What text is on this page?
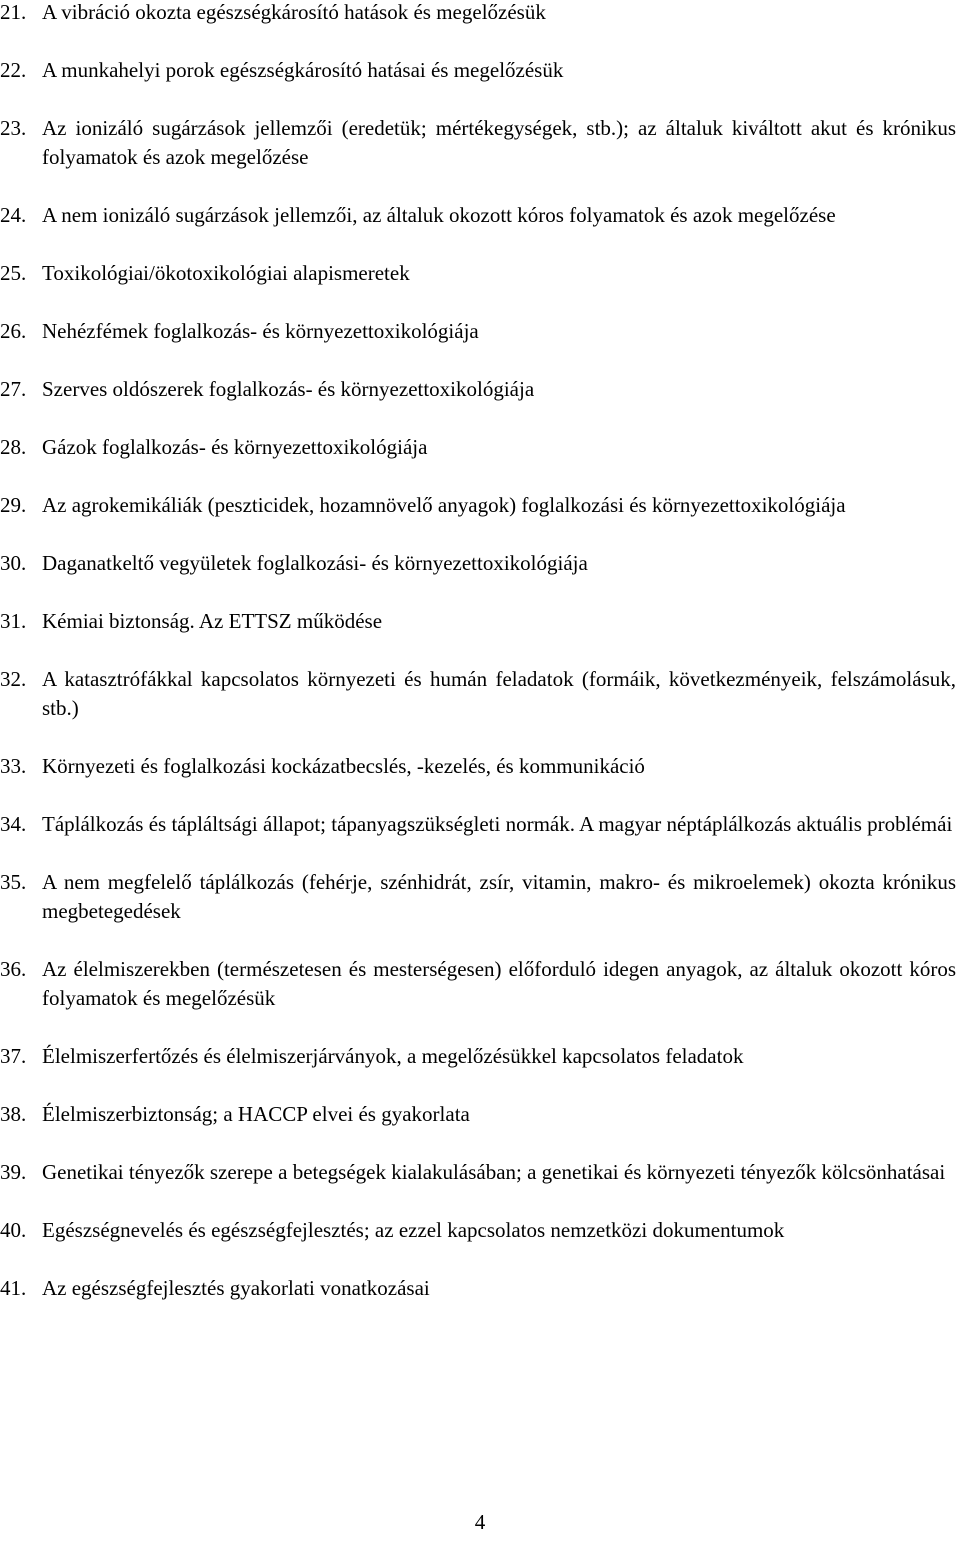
21. A vibráció okozta egészségkárosító hatások és megelőzésük
22. A munkahelyi porok egészségkárosító hatásai és megelőzésük
23. Az ionizáló sugárzások jellemzői (eredetük; mértékegységek, stb.); az általuk kiváltott akut és krónikus folyamatok és azok megelőzése
24. A nem ionizáló sugárzások jellemzői, az általuk okozott kóros folyamatok és azok megelőzése
25. Toxikológiai/ökotoxikológiai alapismeretek
26. Nehézfémek foglalkozás- és környezettoxikológiája
27. Szerves oldószerek foglalkozás- és környezettoxikológiája
28. Gázok foglalkozás- és környezettoxikológiája
29. Az agrokemikáliák (peszticidek, hozamnövelő anyagok) foglalkozási és környezettoxikológiája
30. Daganatkeltő vegyületek foglalkozási- és környezettoxikológiája
31. Kémiai biztonság. Az ETTSZ működése
32. A katasztrófákkal kapcsolatos környezeti és humán feladatok (formáik, következményeik, felszámolásuk, stb.)
33. Környezeti és foglalkozási kockázatbecslés, -kezelés, és kommunikáció
34. Táplálkozás és tápláltsági állapot; tápanyagszükségleti normák. A magyar néptáplálkozás aktuális problémái
35. A nem megfelelő táplálkozás (fehérje, szénhidrát, zsír, vitamin, makro- és mikroelemek) okozta krónikus megbetegedések
36. Az élelmiszerekben (természetesen és mesterségesen) előforduló idegen anyagok, az általuk okozott kóros folyamatok és megelőzésük
37. Élelmiszerfertőzés és élelmiszerjárványok, a megelőzésükkel kapcsolatos feladatok
38. Élelmiszerbiztonság; a HACCP elvei és gyakorlata
39. Genetikai tényezők szerepe a betegségek kialakulásában; a genetikai és környezeti tényezők kölcsönhatásai
40. Egészségnevelés és egészségfejlesztés; az ezzel kapcsolatos nemzetközi dokumentumok
41. Az egészségfejlesztés gyakorlati vonatkozásai
4
